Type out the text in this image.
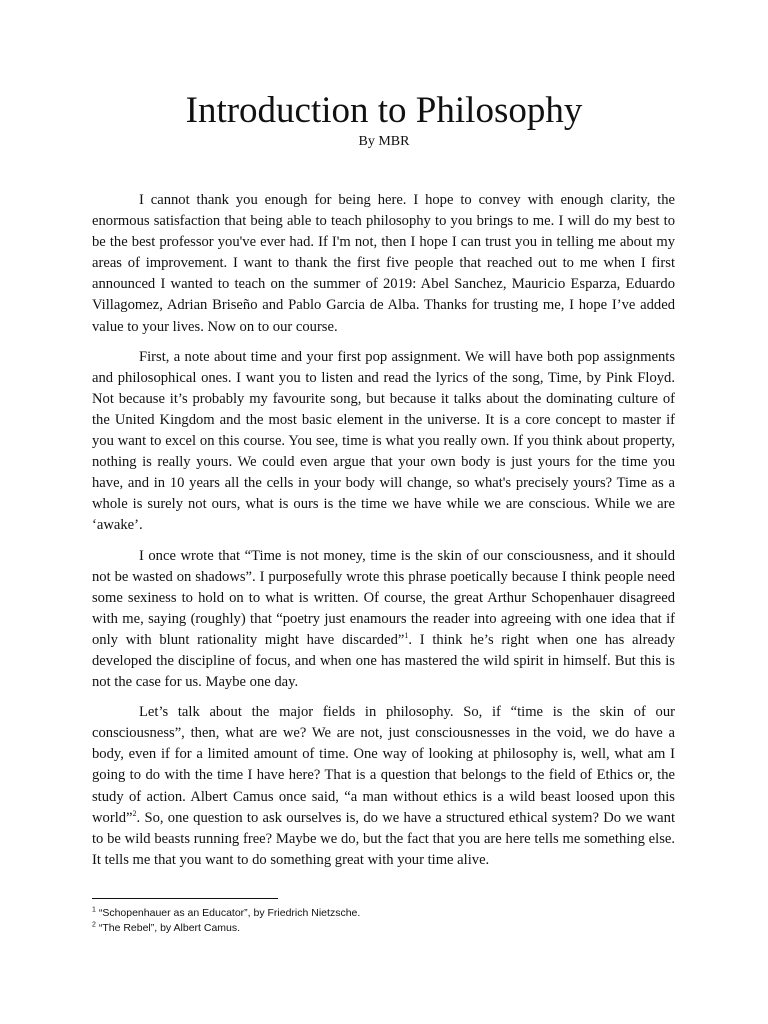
Introduction to Philosophy
By MBR

I cannot thank you enough for being here. I hope to convey with enough clarity, the enormous satisfaction that being able to teach philosophy to you brings to me. I will do my best to be the best professor you've ever had. If I'm not, then I hope I can trust you in telling me about my areas of improvement. I want to thank the first five people that reached out to me when I first announced I wanted to teach on the summer of 2019: Abel Sanchez, Mauricio Esparza, Eduardo Villagomez, Adrian Briseño and Pablo Garcia de Alba. Thanks for trusting me, I hope I’ve added value to your lives. Now on to our course.

First, a note about time and your first pop assignment. We will have both pop assignments and philosophical ones. I want you to listen and read the lyrics of the song, Time, by Pink Floyd. Not because it’s probably my favourite song, but because it talks about the dominating culture of the United Kingdom and the most basic element in the universe. It is a core concept to master if you want to excel on this course. You see, time is what you really own. If you think about property, nothing is really yours. We could even argue that your own body is just yours for the time you have, and in 10 years all the cells in your body will change, so what's precisely yours? Time as a whole is surely not ours, what is ours is the time we have while we are conscious. While we are ‘awake’.

I once wrote that “Time is not money, time is the skin of our consciousness, and it should not be wasted on shadows”. I purposefully wrote this phrase poetically because I think people need some sexiness to hold on to what is written. Of course, the great Arthur Schopenhauer disagreed with me, saying (roughly) that “poetry just enamours the reader into agreeing with one idea that if only with blunt rationality might have discarded”$^1$. I think he’s right when one has already developed the discipline of focus, and when one has mastered the wild spirit in himself. But this is not the case for us. Maybe one day.

Let’s talk about the major fields in philosophy. So, if “time is the skin of our consciousness”, then, what are we? We are not, just consciousnesses in the void, we do have a body, even if for a limited amount of time. One way of looking at philosophy is, well, what am I going to do with the time I have here? That is a question that belongs to the field of Ethics or, the study of action. Albert Camus once said, “a man without ethics is a wild beast loosed upon this world”$^2$. So, one question to ask ourselves is, do we have a structured ethical system? Do we want to be wild beasts running free? Maybe we do, but the fact that you are here tells me something else. It tells me that you want to do something great with your time alive.

$^1$ “Schopenhauer as an Educator”, by Friedrich Nietzsche.
$^2$ “The Rebel”, by Albert Camus.
